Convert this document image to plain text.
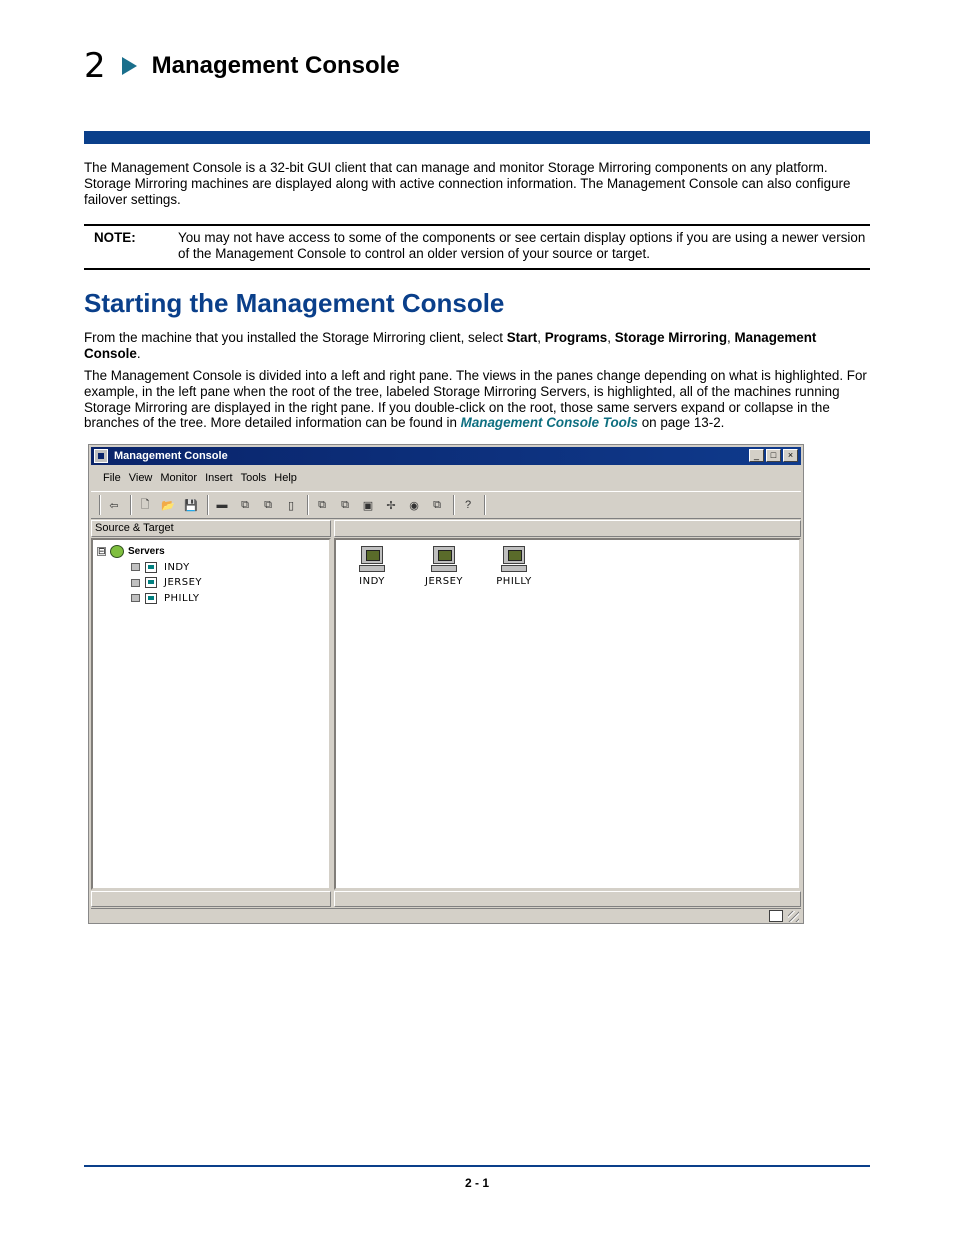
2 Management Console
The Management Console is a 32-bit GUI client that can manage and monitor Storage Mirroring components on any platform. Storage Mirroring machines are displayed along with active connection information. The Management Console can also configure failover settings.
NOTE:	You may not have access to some of the components or see certain display options if you are using a newer version of the Management Console to control an older version of your source or target.
Starting the Management Console
From the machine that you installed the Storage Mirroring client, select Start, Programs, Storage Mirroring, Management Console.
The Management Console is divided into a left and right pane. The views in the panes change depending on what is highlighted. For example, in the left pane when the root of the tree, labeled Storage Mirroring Servers, is highlighted, all of the machines running Storage Mirroring are displayed in the right pane. If you double-click on the root, those same servers expand or collapse in the branches of the tree. More detailed information can be found in Management Console Tools on page 13-2.
Management Console	_	□	×
File View Monitor Insert Tools Help
⇦	🗋	📂 💾	▬	⧉	⧉	▯	⧉	⧉	▣	✢	◉	⧉	?
Source & Target
⊟ Servers
INDY
JERSEY
PHILLY
INDY	JERSEY	PHILLY
2 - 1
